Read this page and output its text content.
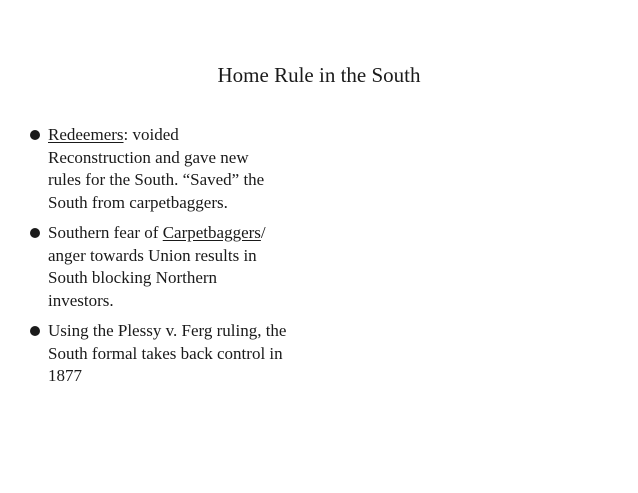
Home Rule in the South
Redeemers: voided
Reconstruction and gave new
rules for the South. “Saved” the
South from carpetbaggers.
Southern fear of Carpetbaggers/
anger towards Union results in
South blocking Northern
investors.
Using the Plessy v. Ferg ruling, the
South formal takes back control in
1877
